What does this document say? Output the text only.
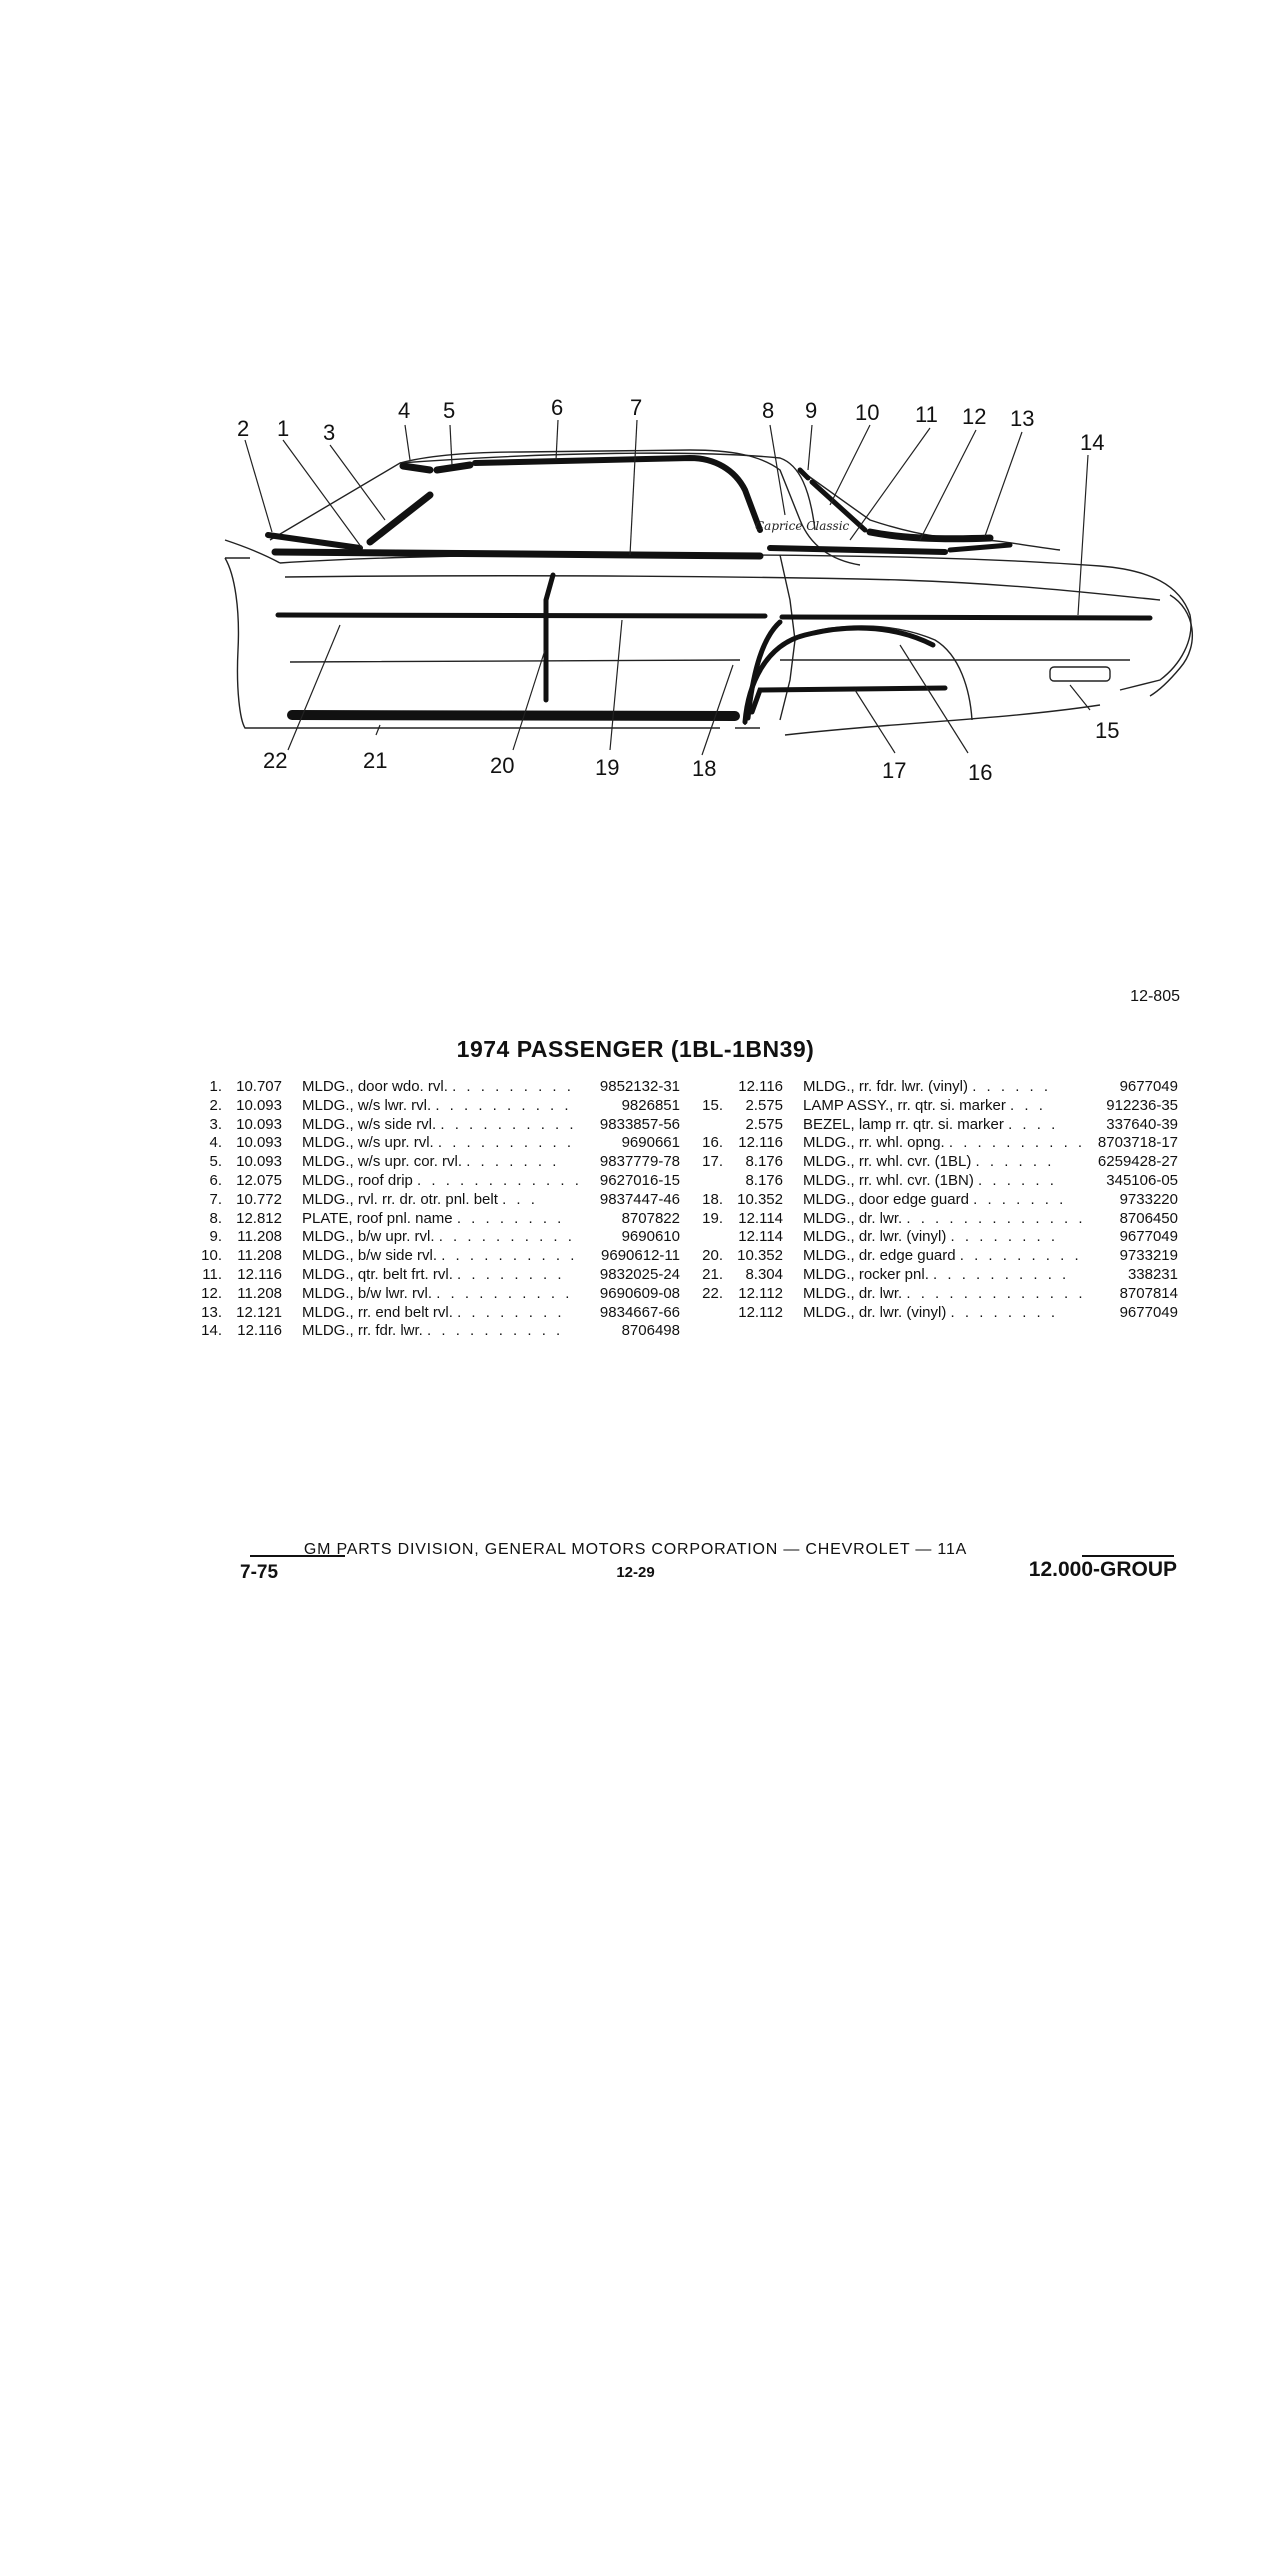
Caprice Classic
2 1 3
4 5	6	7	8 9 10 11 12 13
14
15
16
17
18
19
20
21
22
12-805
1974 PASSENGER (1BL-1BN39)
1. 10.707 MLDG., door wdo. rvl. . . . . . . . . .	9852132-31
2. 10.093 MLDG., w/s lwr. rvl. . . . . . . . . . .	9826851
3. 10.093 MLDG., w/s side rvl. . . . . . . . . . .	9833857-56
4. 10.093 MLDG., w/s upr. rvl. . . . . . . . . . .	9690661
5. 10.093 MLDG., w/s upr. cor. rvl. . . . . . . .	9837779-78
6. 12.075 MLDG., roof drip . . . . . . . . . . . .	9627016-15
7. 10.772 MLDG., rvl. rr. dr. otr. pnl. belt . . .	9837447-46
8. 12.812 PLATE, roof pnl. name . . . . . . . .	8707822
9.	11.208 MLDG., b/w upr. rvl. . . . . . . . . . .	9690610
10.	11.208 MLDG., b/w side rvl. . . . . . . . . . .	9690612-11
11.	12.116 MLDG., qtr. belt frt. rvl. . . . . . . . .	9832025-24
12.	11.208 MLDG., b/w lwr. rvl. . . . . . . . . . .	9690609-08
13. 12.121 MLDG., rr. end belt rvl. . . . . . . . .	9834667-66
14.	12.116 MLDG., rr. fdr. lwr. . . . . . . . . . .	8706498
12.116 MLDG., rr. fdr. lwr. (vinyl) . . . . . .	9677049
15.	2.575 LAMP ASSY., rr. qtr. si. marker . . .	912236-35
2.575 BEZEL, lamp rr. qtr. si. marker . . . .	337640-39
16.	12.116 MLDG., rr. whl. opng. . . . . . . . . . . 8703718-17
17.	8.176 MLDG., rr. whl. cvr. (1BL) . . . . . .	6259428-27
8.176 MLDG., rr. whl. cvr. (1BN) . . . . . .	345106-05
18. 10.352 MLDG., door edge guard . . . . . . .	9733220
19.	12.114 MLDG., dr. lwr. . . . . . . . . . . . . .	8706450
12.114 MLDG., dr. lwr. (vinyl) . . . . . . . .	9677049
20. 10.352 MLDG., dr. edge guard . . . . . . . . .	9733219
21.	8.304 MLDG., rocker pnl. . . . . . . . . . .	338231
22.	12.112 MLDG., dr. lwr. . . . . . . . . . . . . .	8707814
12.112 MLDG., dr. lwr. (vinyl) . . . . . . . .	9677049
GM PARTS DIVISION, GENERAL MOTORS CORPORATION — CHEVROLET — 11A
7-75	12-29	12.000-GROUP
